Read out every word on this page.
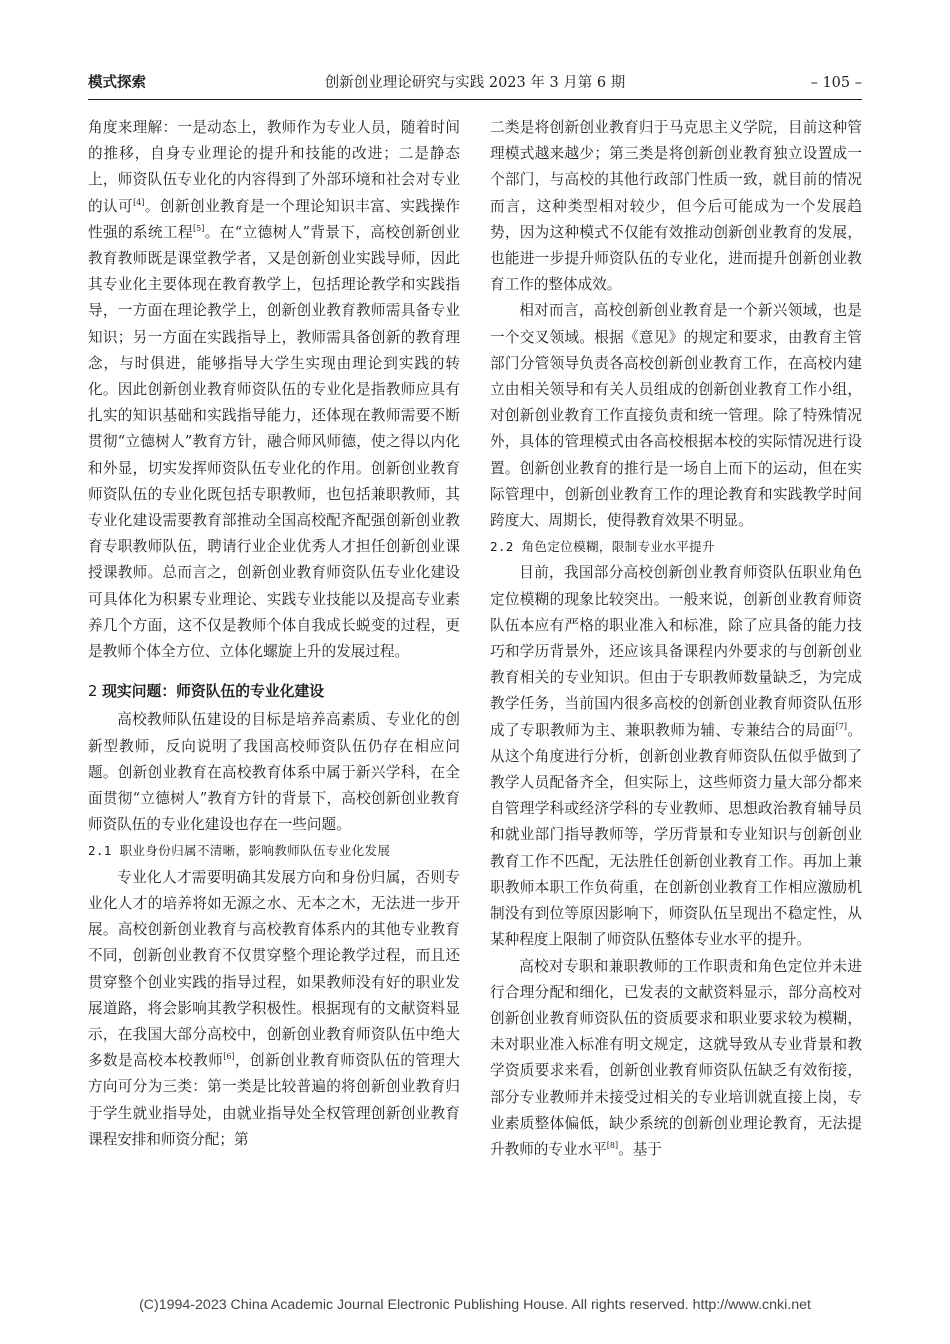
模式探索	创新创业理论研究与实践 2023 年 3 月第 6 期	– 105 –

角度来理解：一是动态上，教师作为专业人员，随着时间的推移，自身专业理论的提升和技能的改进；二是静态上，师资队伍专业化的内容得到了外部环境和社会对专业的认可[4]。创新创业教育是一个理论知识丰富、实践操作性强的系统工程[5]。在“立德树人”背景下，高校创新创业教育教师既是课堂教学者，又是创新创业实践导师，因此其专业化主要体现在教育教学上，包括理论教学和实践指导，一方面在理论教学上，创新创业教育教师需具备专业知识；另一方面在实践指导上，教师需具备创新的教育理念，与时俱进，能够指导大学生实现由理论到实践的转化。因此创新创业教育师资队伍的专业化是指教师应具有扎实的知识基础和实践指导能力，还体现在教师需要不断贯彻“立德树人”教育方针，融合师风师德，使之得以内化和外显，切实发挥师资队伍专业化的作用。创新创业教育师资队伍的专业化既包括专职教师，也包括兼职教师，其专业化建设需要教育部推动全国高校配齐配强创新创业教育专职教师队伍，聘请行业企业优秀人才担任创新创业课授课教师。总而言之，创新创业教育师资队伍专业化建设可具体化为积累专业理论、实践专业技能以及提高专业素养几个方面，这不仅是教师个体自我成长蜕变的过程，更是教师个体全方位、立体化螺旋上升的发展过程。

2 现实问题：师资队伍的专业化建设

高校教师队伍建设的目标是培养高素质、专业化的创新型教师，反向说明了我国高校师资队伍仍存在相应问题。创新创业教育在高校教育体系中属于新兴学科，在全面贯彻“立德树人”教育方针的背景下，高校创新创业教育师资队伍的专业化建设也存在一些问题。

2.1 职业身份归属不清晰，影响教师队伍专业化发展

专业化人才需要明确其发展方向和身份归属，否则专业化人才的培养将如无源之水、无本之木，无法进一步开展。高校创新创业教育与高校教育体系内的其他专业教育不同，创新创业教育不仅贯穿整个理论教学过程，而且还贯穿整个创业实践的指导过程，如果教师没有好的职业发展道路，将会影响其教学积极性。根据现有的文献资料显示，在我国大部分高校中，创新创业教育师资队伍中绝大多数是高校本校教师[6]，创新创业教育师资队伍的管理大方向可分为三类：第一类是比较普遍的将创新创业教育归于学生就业指导处，由就业指导处全权管理创新创业教育课程安排和师资分配；第

二类是将创新创业教育归于马克思主义学院，目前这种管理模式越来越少；第三类是将创新创业教育独立设置成一个部门，与高校的其他行政部门性质一致，就目前的情况而言，这种类型相对较少，但今后可能成为一个发展趋势，因为这种模式不仅能有效推动创新创业教育的发展，也能进一步提升师资队伍的专业化，进而提升创新创业教育工作的整体成效。

相对而言，高校创新创业教育是一个新兴领域，也是一个交叉领域。根据《意见》的规定和要求，由教育主管部门分管领导负责各高校创新创业教育工作，在高校内建立由相关领导和有关人员组成的创新创业教育工作小组，对创新创业教育工作直接负责和统一管理。除了特殊情况外，具体的管理模式由各高校根据本校的实际情况进行设置。创新创业教育的推行是一场自上而下的运动，但在实际管理中，创新创业教育工作的理论教育和实践教学时间跨度大、周期长，使得教育效果不明显。

2.2 角色定位模糊，限制专业水平提升

目前，我国部分高校创新创业教育师资队伍职业角色定位模糊的现象比较突出。一般来说，创新创业教育师资队伍本应有严格的职业准入和标准，除了应具备的能力技巧和学历背景外，还应该具备课程内外要求的与创新创业教育相关的专业知识。但由于专职教师数量缺乏，为完成教学任务，当前国内很多高校的创新创业教育师资队伍形成了专职教师为主、兼职教师为辅、专兼结合的局面[7]。从这个角度进行分析，创新创业教育师资队伍似乎做到了教学人员配备齐全，但实际上，这些师资力量大部分都来自管理学科或经济学科的专业教师、思想政治教育辅导员和就业部门指导教师等，学历背景和专业知识与创新创业教育工作不匹配，无法胜任创新创业教育工作。再加上兼职教师本职工作负荷重，在创新创业教育工作相应激励机制没有到位等原因影响下，师资队伍呈现出不稳定性，从某种程度上限制了师资队伍整体专业水平的提升。

高校对专职和兼职教师的工作职责和角色定位并未进行合理分配和细化，已发表的文献资料显示，部分高校对创新创业教育师资队伍的资质要求和职业要求较为模糊，未对职业准入标准有明文规定，这就导致从专业背景和教学资质要求来看，创新创业教育师资队伍缺乏有效衔接，部分专业教师并未接受过相关的专业培训就直接上岗，专业素质整体偏低，缺少系统的创新创业理论教育，无法提升教师的专业水平[8]。基于

(C)1994-2023 China Academic Journal Electronic Publishing House. All rights reserved. http://www.cnki.net
